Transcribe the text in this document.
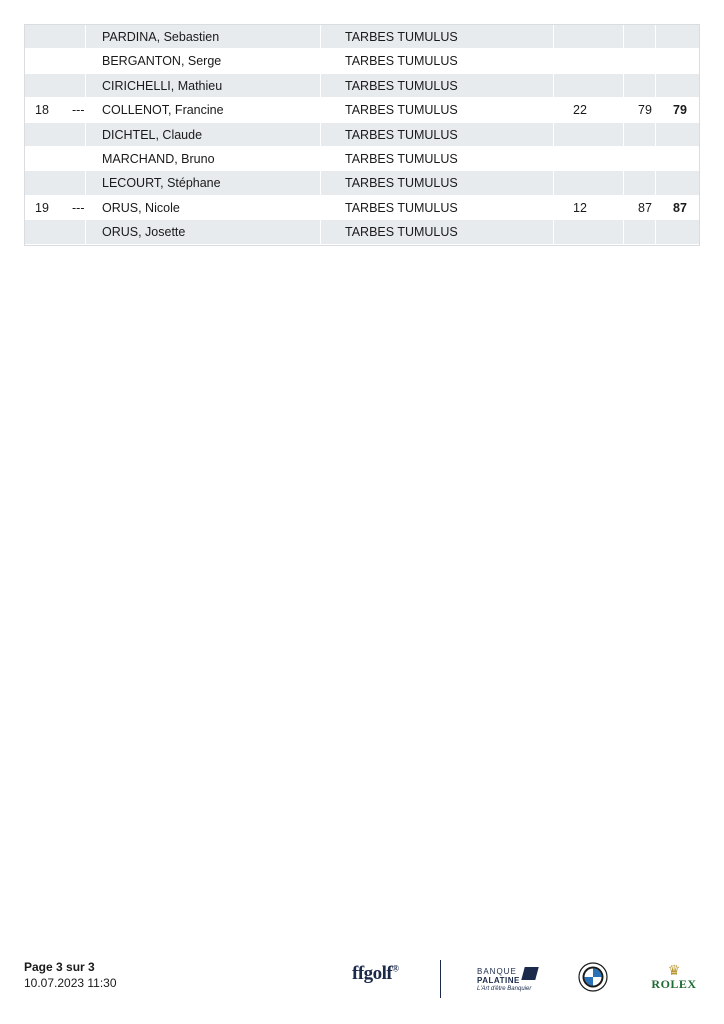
PARDINA, Sebastien	TARBES TUMULUS
BERGANTON, Serge	TARBES TUMULUS
CIRICHELLI, Mathieu	TARBES TUMULUS
18 --- COLLENOT, Francine	TARBES TUMULUS	22	79	79
DICHTEL, Claude	TARBES TUMULUS
MARCHAND, Bruno	TARBES TUMULUS
LECOURT, Stéphane	TARBES TUMULUS
19 --- ORUS, Nicole	TARBES TUMULUS	12	87	87
ORUS, Josette	TARBES TUMULUS
Page 3 sur 3
10.07.2023 11:30	ffgolf®	BANQUE
PALATINE
L'Art d'être Banquier
♛
ROLEX
